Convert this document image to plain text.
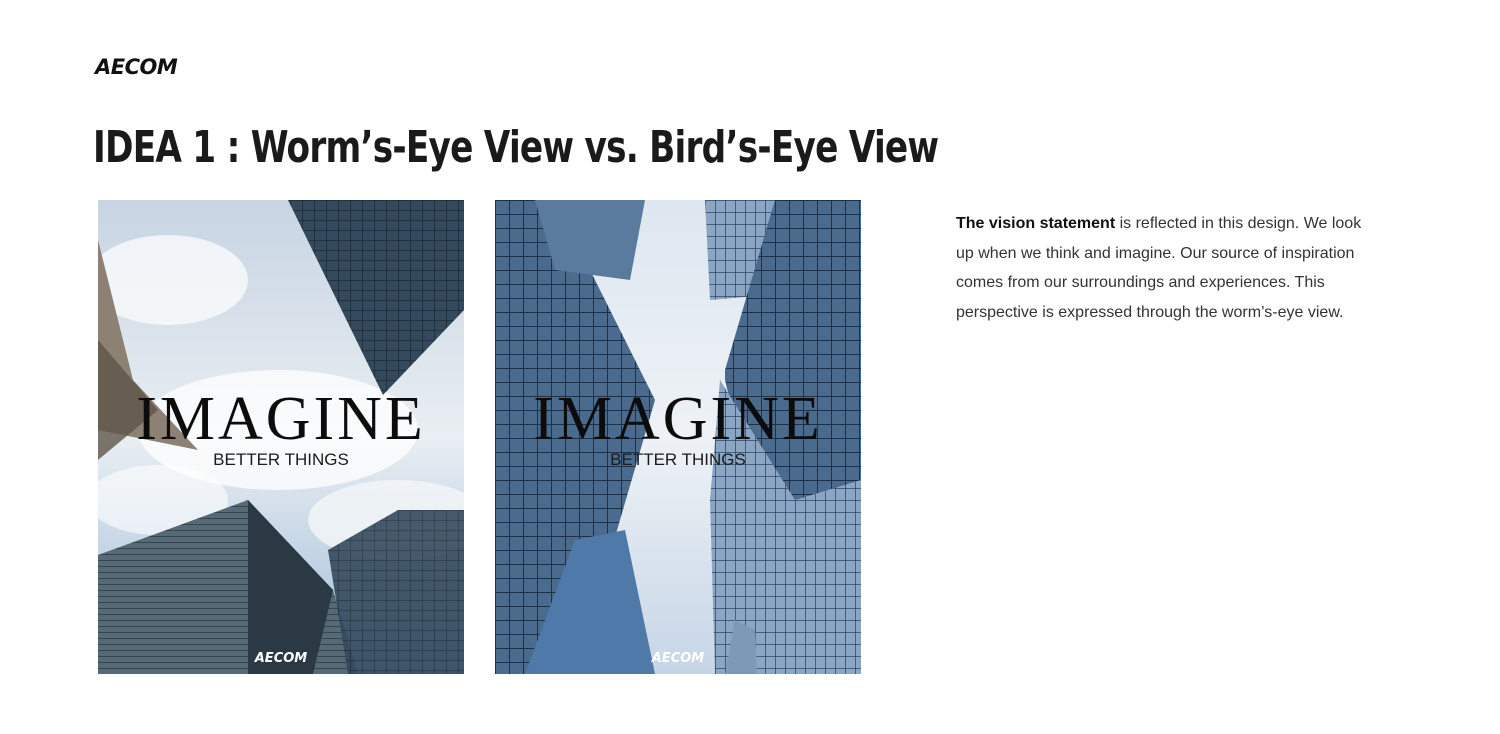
AECOM
IDEA 1 : Worm’s-Eye View vs. Bird’s-Eye View
IMAGINE
BETTER THINGS
AECOM
IMAGINE
BETTER THINGS
AECOM

The vision statement is reflected in this design. We look up when we think and imagine. Our source of inspiration comes from our surroundings and experiences. This perspective is expressed through the worm’s-eye view.
